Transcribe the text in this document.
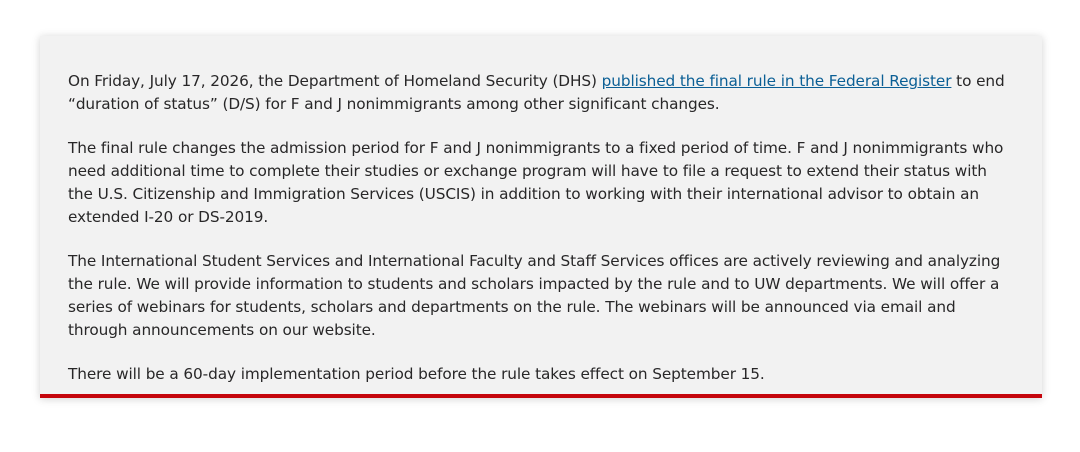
On Friday, July 17, 2026, the Department of Homeland Security (DHS) published the final rule in the Federal Register to end “duration of status” (D/S) for F and J nonimmigrants among other significant changes.

The final rule changes the admission period for F and J nonimmigrants to a fixed period of time. F and J nonimmigrants who need additional time to complete their studies or exchange program will have to file a request to extend their status with the U.S. Citizenship and Immigration Services (USCIS) in addition to working with their international advisor to obtain an extended I-20 or DS-2019.

The International Student Services and International Faculty and Staff Services offices are actively reviewing and analyzing the rule. We will provide information to students and scholars impacted by the rule and to UW departments. We will offer a series of webinars for students, scholars and departments on the rule. The webinars will be announced via email and through announcements on our website.

There will be a 60-day implementation period before the rule takes effect on September 15.
